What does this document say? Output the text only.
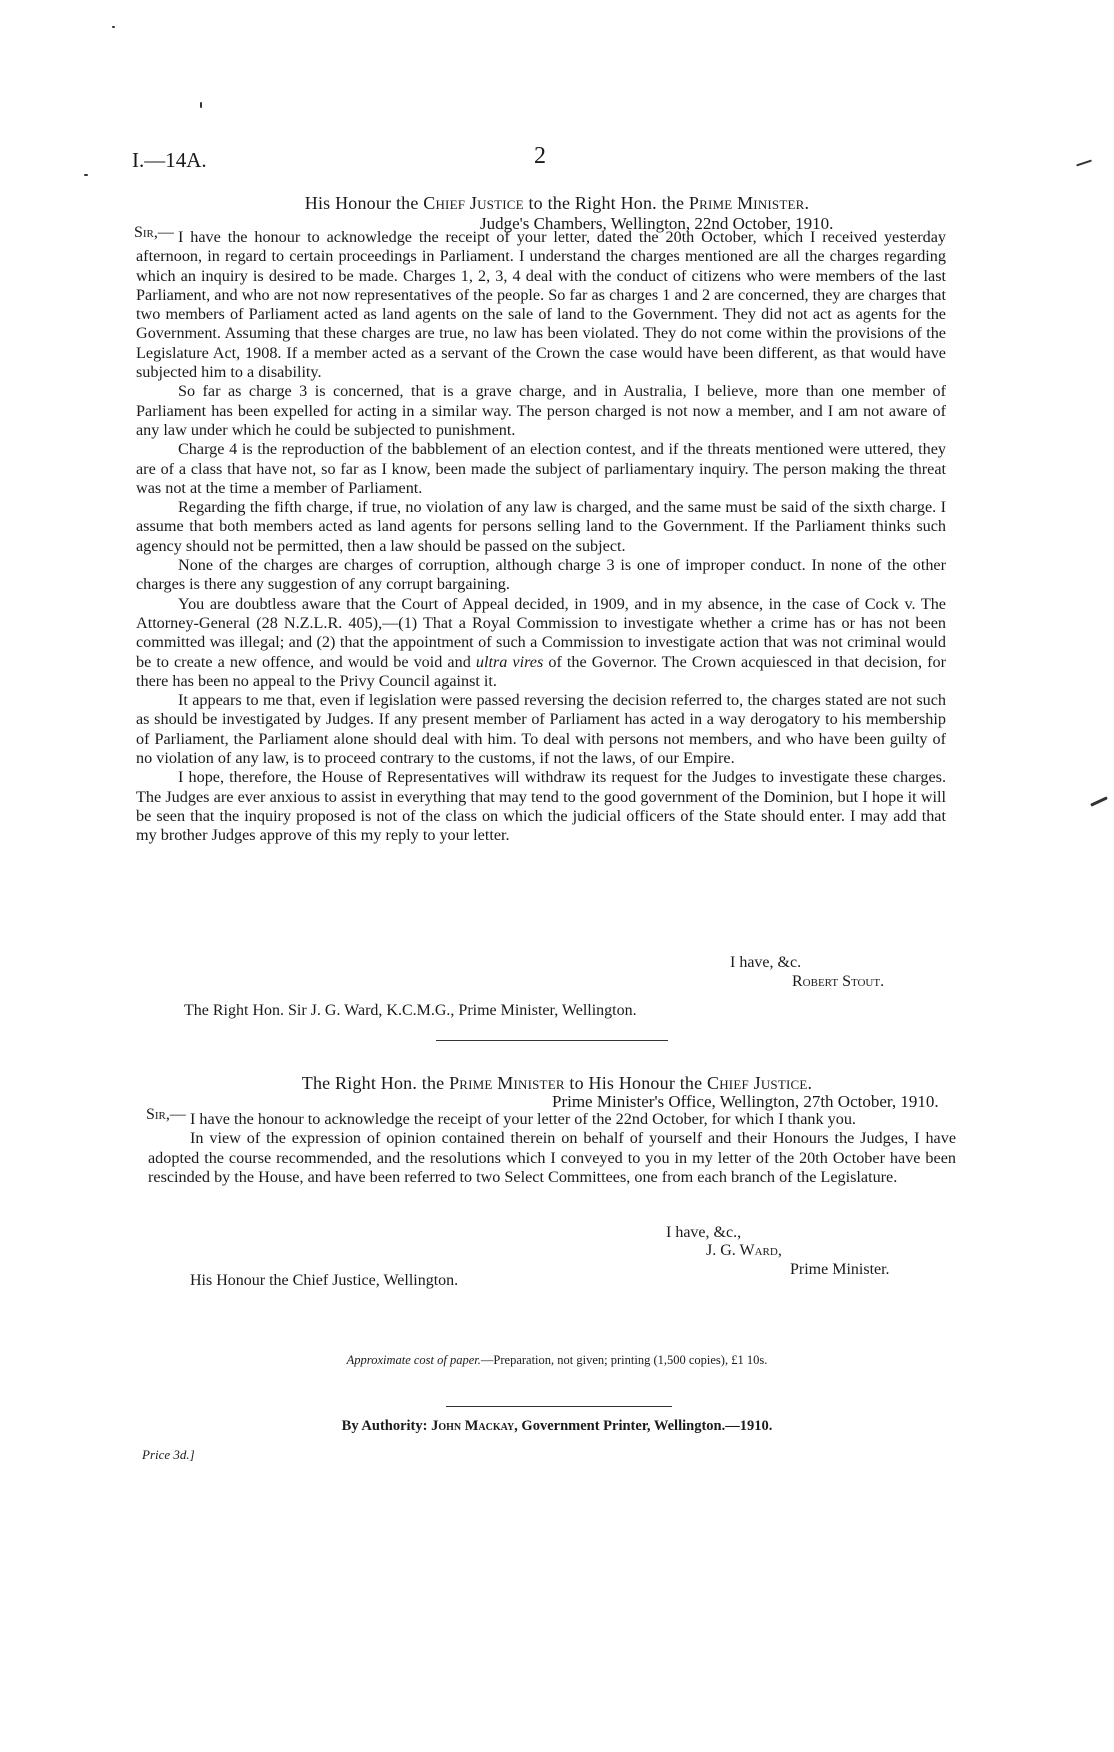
I.—14A.	2
His Honour the Chief Justice to the Right Hon. the Prime Minister.
Judge's Chambers, Wellington, 22nd October, 1910.
Sir,— I have the honour to acknowledge the receipt of your letter, dated the 20th October, which I received yesterday afternoon, in regard to certain proceedings in Parliament. I understand the charges mentioned are all the charges regarding which an inquiry is desired to be made. Charges 1, 2, 3, 4 deal with the conduct of citizens who were members of the last Parliament, and who are not now representatives of the people. So far as charges 1 and 2 are concerned, they are charges that two members of Parliament acted as land agents on the sale of land to the Government. They did not act as agents for the Government. Assuming that these charges are true, no law has been violated. They do not come within the provisions of the Legislature Act, 1908. If a member acted as a servant of the Crown the case would have been different, as that would have subjected him to a disability.

So far as charge 3 is concerned, that is a grave charge, and in Australia, I believe, more than one member of Parliament has been expelled for acting in a similar way. The person charged is not now a member, and I am not aware of any law under which he could be subjected to punishment.

Charge 4 is the reproduction of the babblement of an election contest, and if the threats mentioned were uttered, they are of a class that have not, so far as I know, been made the subject of parliamentary inquiry. The person making the threat was not at the time a member of Parliament.

Regarding the fifth charge, if true, no violation of any law is charged, and the same must be said of the sixth charge. I assume that both members acted as land agents for persons selling land to the Government. If the Parliament thinks such agency should not be permitted, then a law should be passed on the subject.

None of the charges are charges of corruption, although charge 3 is one of improper conduct. In none of the other charges is there any suggestion of any corrupt bargaining.

You are doubtless aware that the Court of Appeal decided, in 1909, and in my absence, in the case of Cock v. The Attorney-General (28 N.Z.L.R. 405),—(1) That a Royal Commission to investigate whether a crime has or has not been committed was illegal; and (2) that the appointment of such a Commission to investigate action that was not criminal would be to create a new offence, and would be void and ultra vires of the Governor. The Crown acquiesced in that decision, for there has been no appeal to the Privy Council against it.

It appears to me that, even if legislation were passed reversing the decision referred to, the charges stated are not such as should be investigated by Judges. If any present member of Parliament has acted in a way derogatory to his membership of Parliament, the Parliament alone should deal with him. To deal with persons not members, and who have been guilty of no violation of any law, is to proceed contrary to the customs, if not the laws, of our Empire.

I hope, therefore, the House of Representatives will withdraw its request for the Judges to investigate these charges. The Judges are ever anxious to assist in everything that may tend to the good government of the Dominion, but I hope it will be seen that the inquiry proposed is not of the class on which the judicial officers of the State should enter. I may add that my brother Judges approve of this my reply to your letter.

I have, &c.
Robert Stout.
The Right Hon. Sir J. G. Ward, K.C.M.G., Prime Minister, Wellington.
The Right Hon. the Prime Minister to His Honour the Chief Justice.
Prime Minister's Office, Wellington, 27th October, 1910.
Sir,— I have the honour to acknowledge the receipt of your letter of the 22nd October, for which I thank you.

In view of the expression of opinion contained therein on behalf of yourself and their Honours the Judges, I have adopted the course recommended, and the resolutions which I conveyed to you in my letter of the 20th October have been rescinded by the House, and have been referred to two Select Committees, one from each branch of the Legislature.

I have, &c.,
J. G. Ward,
Prime Minister.
His Honour the Chief Justice, Wellington.
Approximate cost of paper.—Preparation, not given; printing (1,500 copies), £1 10s.
By Authority: John Mackay, Government Printer, Wellington.—1910.
Price 3d.]
